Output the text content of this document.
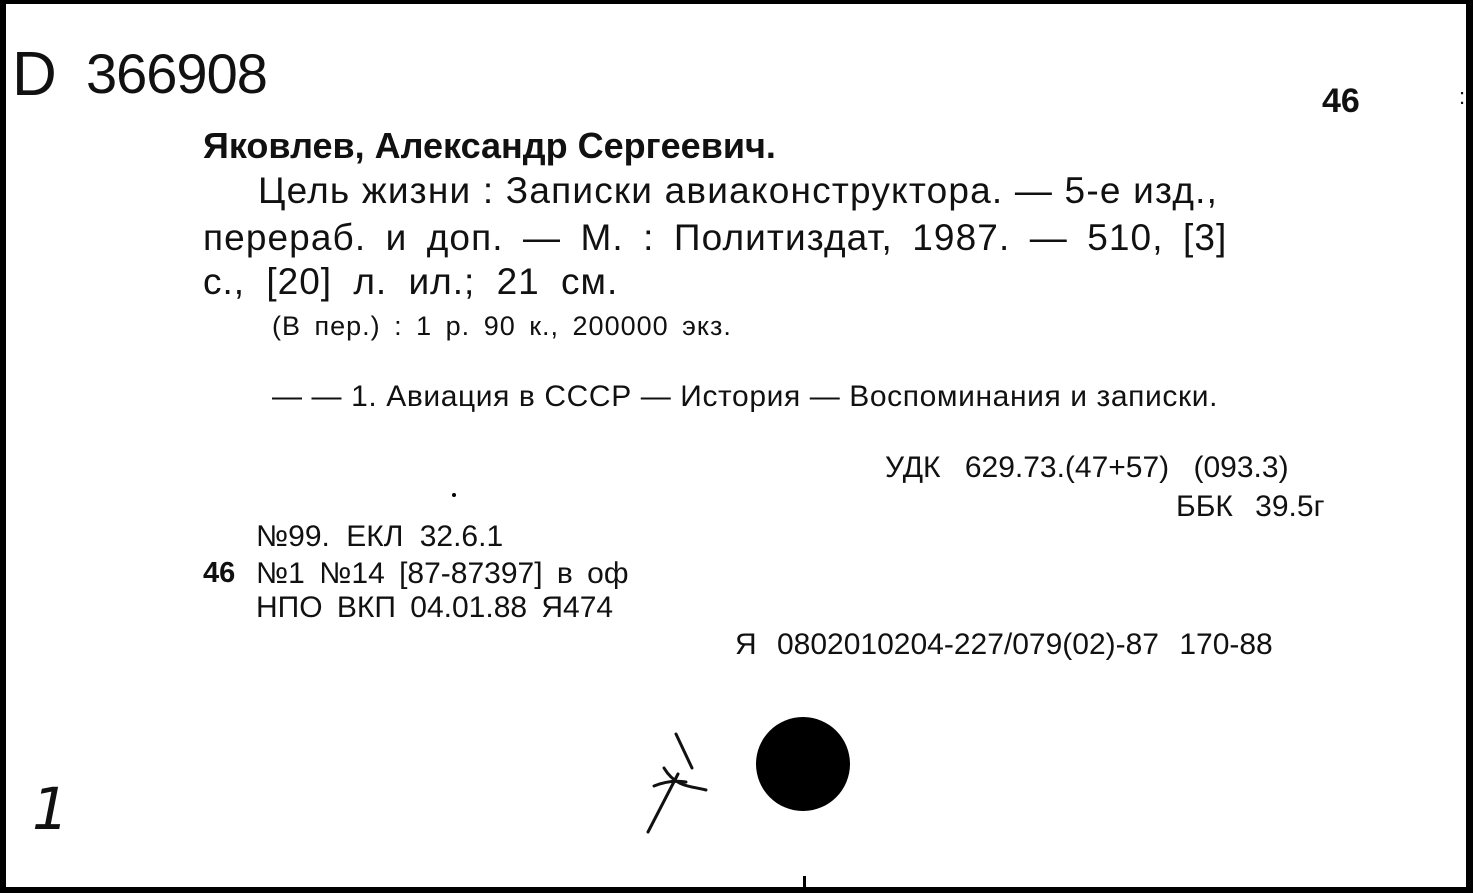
D 366908	46	:
Яковлев, Александр Сергеевич.
Цель жизни : Записки авиаконструктора. — 5-е изд.,
перераб. и доп. — М. : Политиздат, 1987. — 510, [3]
с., [20] л. ил.; 21 см.
(В пер.) : 1 р. 90 к., 200000 экз.
— — 1. Авиация в СССР — История — Воспоминания и записки.
УДК 629.73.(47+57) (093.3)
ББК 39.5г
№99. ЕКЛ 32.6.1
46 №1 №14 [87-87397] в оф
НПО ВКП 04.01.88 Я474
Я 0802010204-227/079(02)-87 170-88
1
